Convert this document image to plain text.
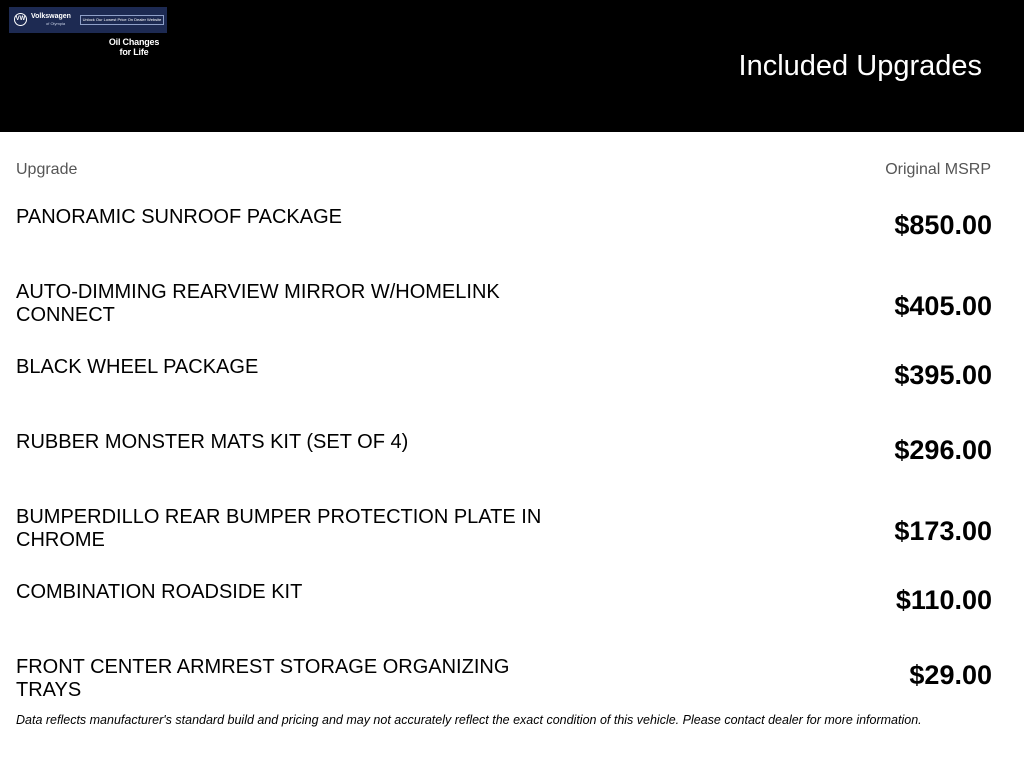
VW Volkswagen
of Olympia
Unlock Our Lowest Price On Dealer Website
Oil Changes
for Life	Included Upgrades
Upgrade	Original MSRP
PANORAMIC SUNROOF PACKAGE	$850.00
AUTO-DIMMING REARVIEW MIRROR W/HOMELINK CONNECT	$405.00
BLACK WHEEL PACKAGE	$395.00
RUBBER MONSTER MATS KIT (SET OF 4)	$296.00
BUMPERDILLO REAR BUMPER PROTECTION PLATE IN CHROME	$173.00
COMBINATION ROADSIDE KIT	$110.00
FRONT CENTER ARMREST STORAGE ORGANIZING TRAYS	$29.00

Data reflects manufacturer's standard build and pricing and may not accurately reflect the exact condition of this vehicle. Please contact dealer for more information.
